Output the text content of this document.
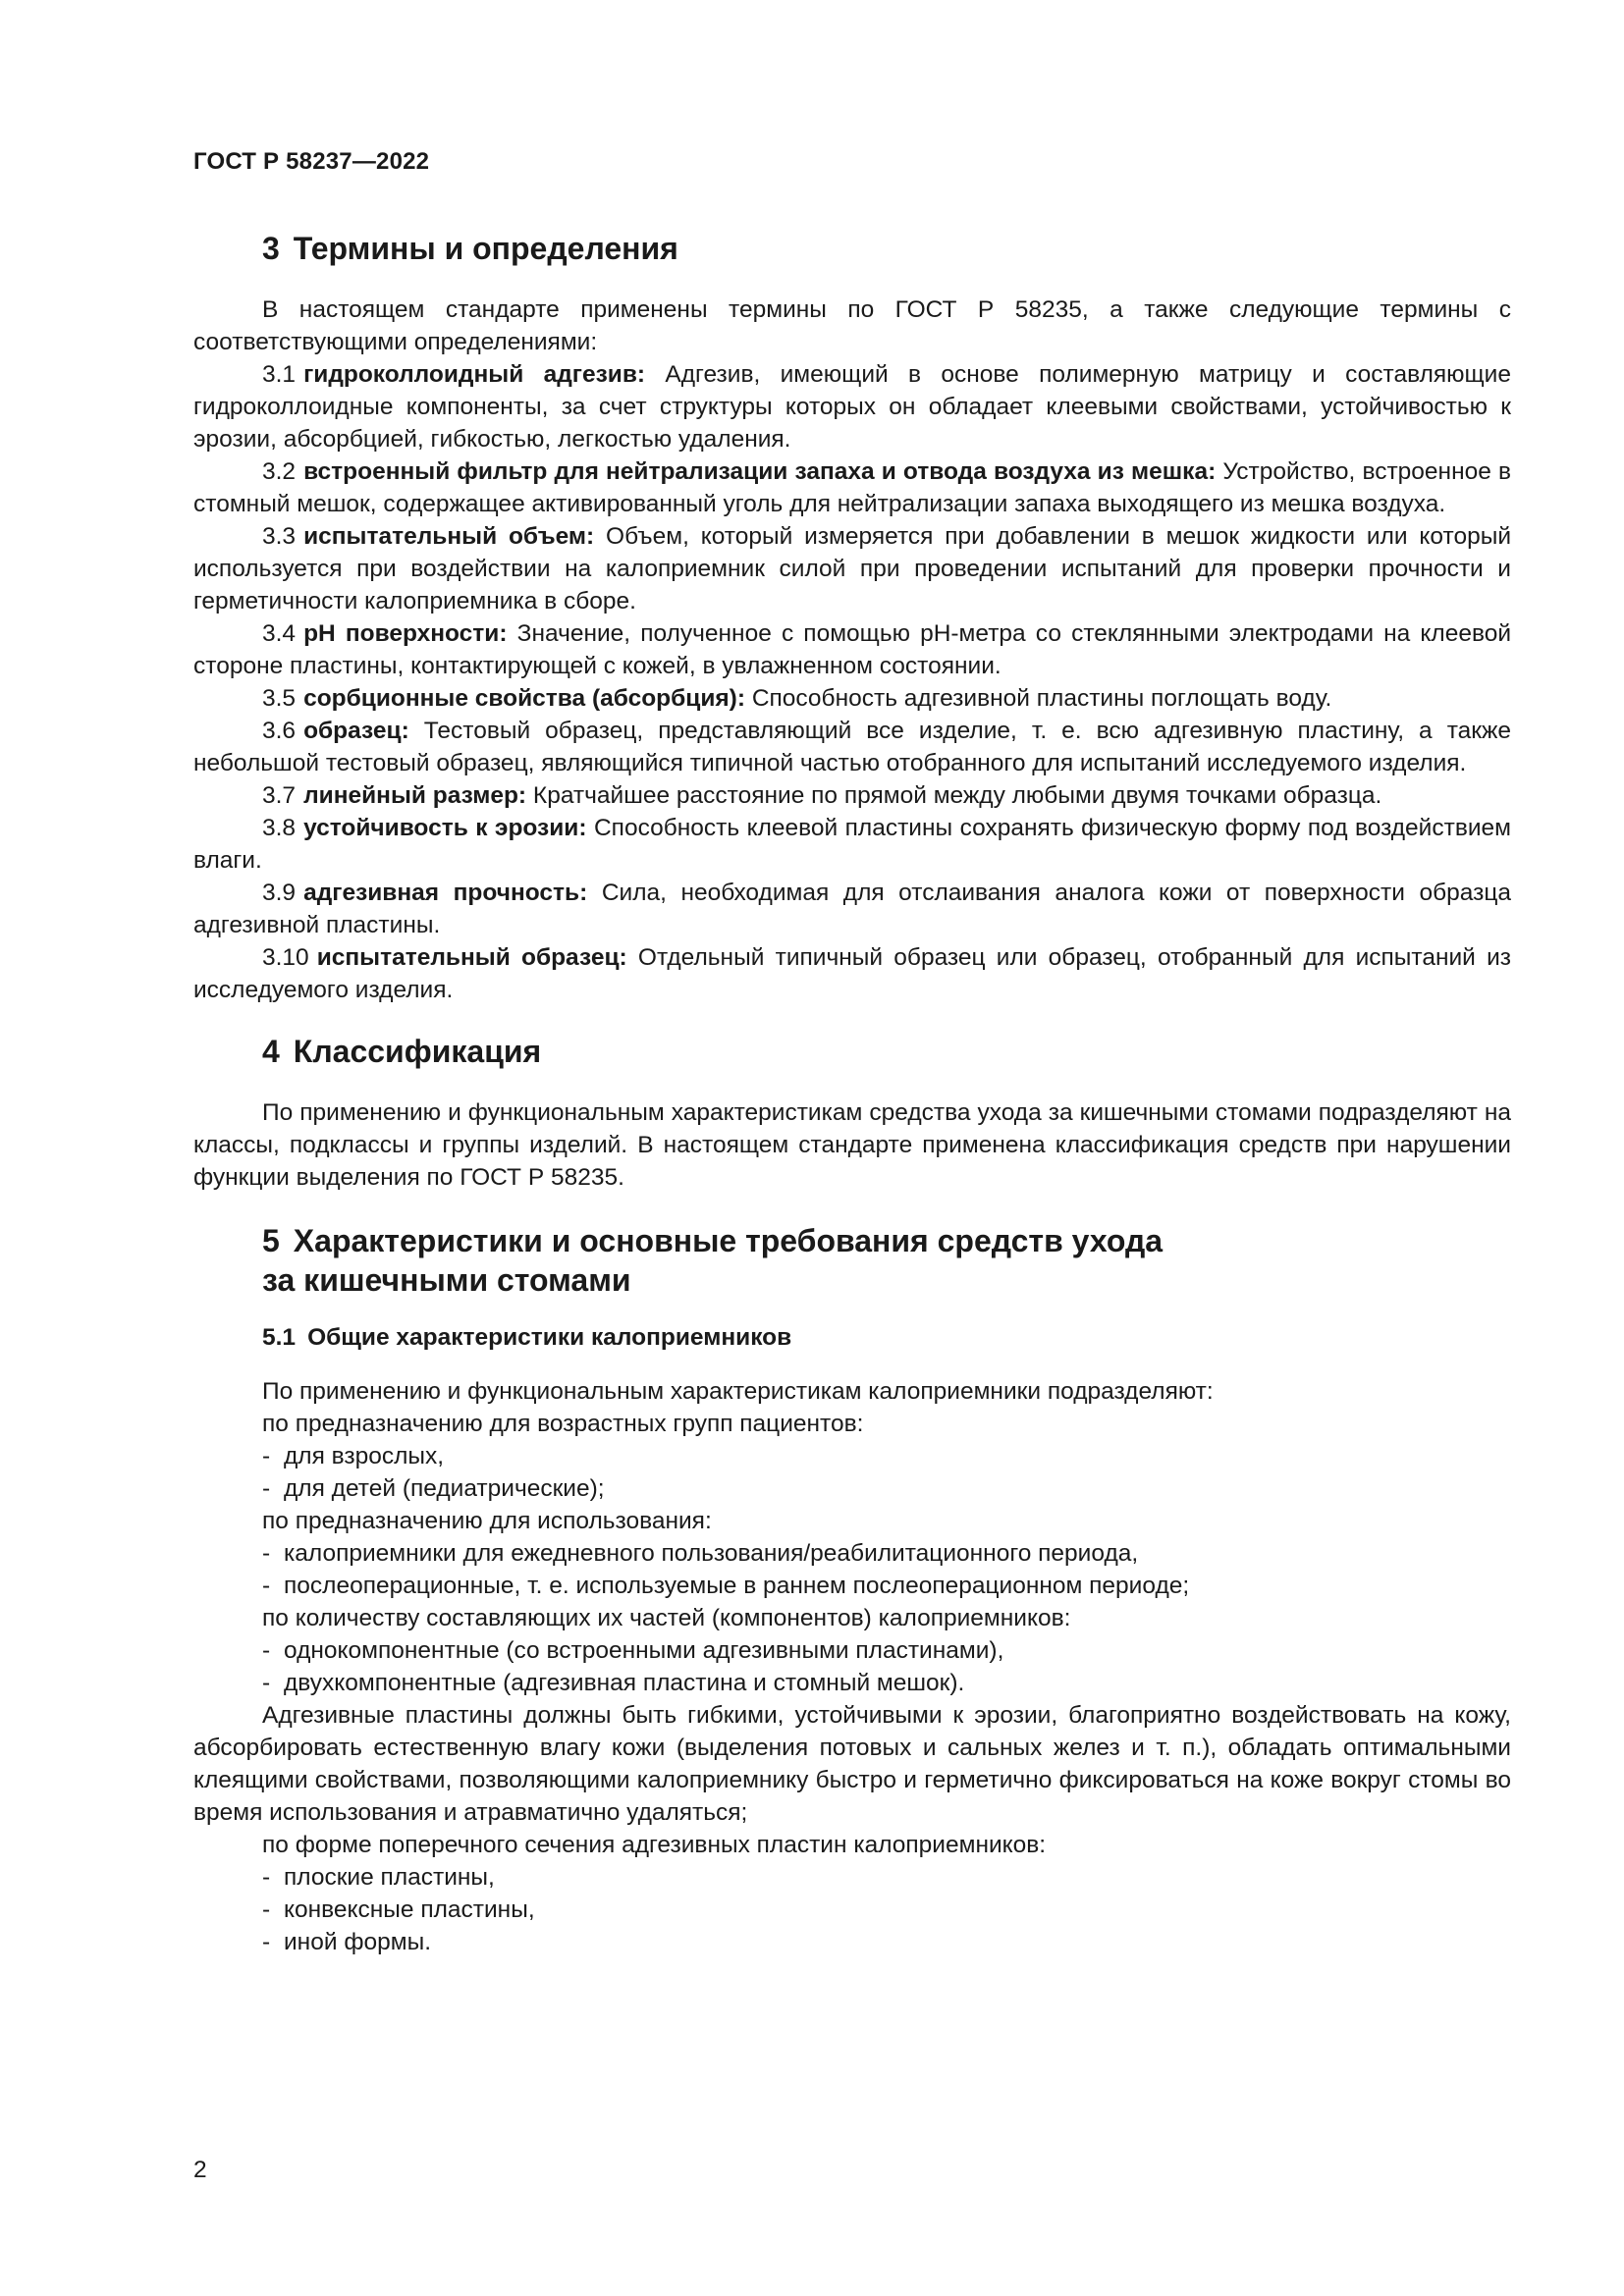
ГОСТ Р 58237—2022
3 Термины и определения

В настоящем стандарте применены термины по ГОСТ Р 58235, а также следующие термины с соответствующими определениями:

3.1 гидроколлоидный адгезив: Адгезив, имеющий в основе полимерную матрицу и составляющие гидроколлоидные компоненты, за счет структуры которых он обладает клеевыми свойствами, устойчивостью к эрозии, абсорбцией, гибкостью, легкостью удаления.

3.2 встроенный фильтр для нейтрализации запаха и отвода воздуха из мешка: Устройство, встроенное в стомный мешок, содержащее активированный уголь для нейтрализации запаха выходящего из мешка воздуха.

3.3 испытательный объем: Объем, который измеряется при добавлении в мешок жидкости или который используется при воздействии на калоприемник силой при проведении испытаний для проверки прочности и герметичности калоприемника в сборе.

3.4 pH поверхности: Значение, полученное с помощью pH-метра со стеклянными электродами на клеевой стороне пластины, контактирующей с кожей, в увлажненном состоянии.

3.5 сорбционные свойства (абсорбция): Способность адгезивной пластины поглощать воду.

3.6 образец: Тестовый образец, представляющий все изделие, т. е. всю адгезивную пластину, а также небольшой тестовый образец, являющийся типичной частью отобранного для испытаний исследуемого изделия.

3.7 линейный размер: Кратчайшее расстояние по прямой между любыми двумя точками образца.

3.8 устойчивость к эрозии: Способность клеевой пластины сохранять физическую форму под воздействием влаги.

3.9 адгезивная прочность: Сила, необходимая для отслаивания аналога кожи от поверхности образца адгезивной пластины.

3.10 испытательный образец: Отдельный типичный образец или образец, отобранный для испытаний из исследуемого изделия.

4 Классификация

По применению и функциональным характеристикам средства ухода за кишечными стомами подразделяют на классы, подклассы и группы изделий. В настоящем стандарте применена классификация средств при нарушении функции выделения по ГОСТ Р 58235.

5 Характеристики и основные требования средств ухода
за кишечными стомами
5.1 Общие характеристики калоприемников

По применению и функциональным характеристикам калоприемники подразделяют:

по предназначению для возрастных групп пациентов:
- для взрослых,
- для детей (педиатрические);
по предназначению для использования:
- калоприемники для ежедневного пользования/реабилитационного периода,
- послеоперационные, т. е. используемые в раннем послеоперационном периоде;
по количеству составляющих их частей (компонентов) калоприемников:
- однокомпонентные (со встроенными адгезивными пластинами),
- двухкомпонентные (адгезивная пластина и стомный мешок).

Адгезивные пластины должны быть гибкими, устойчивыми к эрозии, благоприятно воздействовать на кожу, абсорбировать естественную влагу кожи (выделения потовых и сальных желез и т. п.), обладать оптимальными клеящими свойствами, позволяющими калоприемнику быстро и герметично фиксироваться на коже вокруг стомы во время использования и атравматично удаляться;

по форме поперечного сечения адгезивных пластин калоприемников:
- плоские пластины,
- конвексные пластины,
- иной формы.
2
